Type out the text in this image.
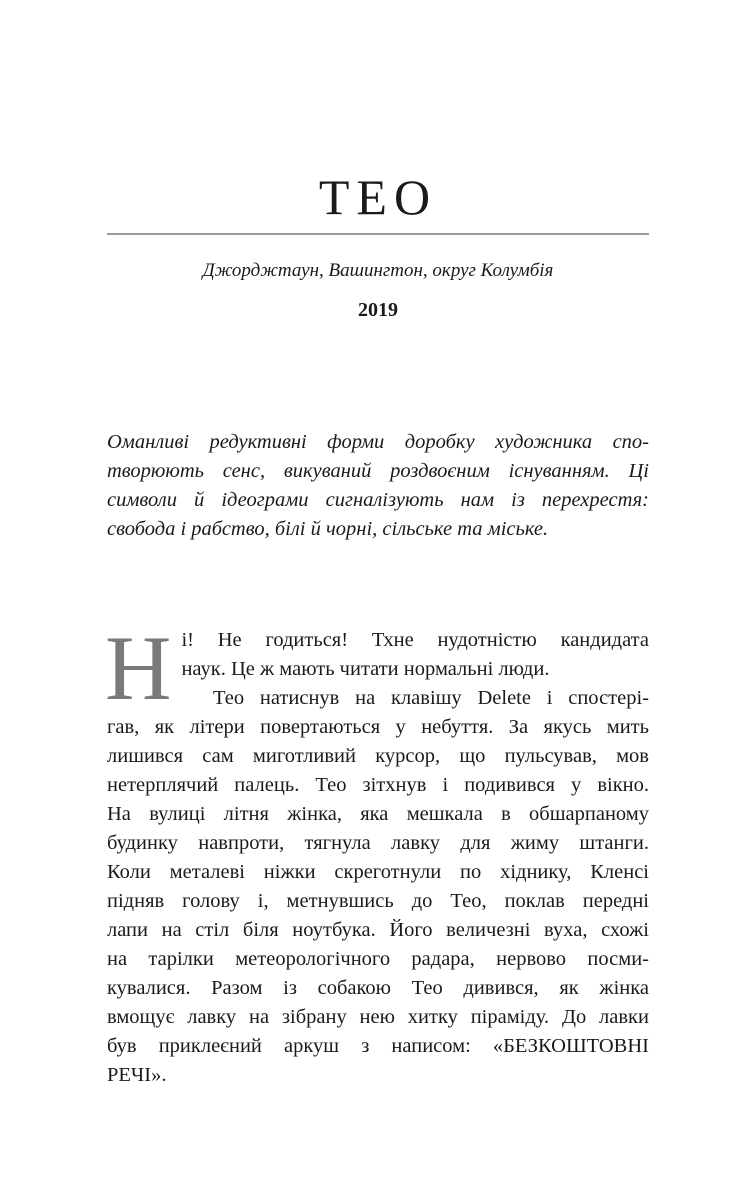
ТЕО
Джорджтаун, Вашингтон, округ Колумбія
2019
Оманливі редуктивні форми доробку художника спо-
творюють сенс, викуваний роздвоєним існуванням. Ці
символи й ідеограми сигналізують нам із перехрестя:
свобода і рабство, білі й чорні, сільське та міське.
Н і! Не годиться! Тхне нудотністю кандидата
наук. Це ж мають читати нормальні люди.
Тео натиснув на клавішу Delete і спостері-
гав, як літери повертаються у небуття. За якусь мить
лишився сам миготливий курсор, що пульсував, мов
нетерплячий палець. Тео зітхнув і подивився у вікно.
На вулиці літня жінка, яка мешкала в обшарпаному
будинку навпроти, тягнула лавку для жиму штанги.
Коли металеві ніжки скреготнули по хіднику, Кленсі
підняв голову і, метнувшись до Тео, поклав передні
лапи на стіл біля ноутбука. Його величезні вуха, схожі
на тарілки метеорологічного радара, нервово посми-
кувалися. Разом із собакою Тео дивився, як жінка
вмощує лавку на зібрану нею хитку піраміду. До лавки
був приклеєний аркуш з написом: «БЕЗКОШТОВНІ
РЕЧІ».
